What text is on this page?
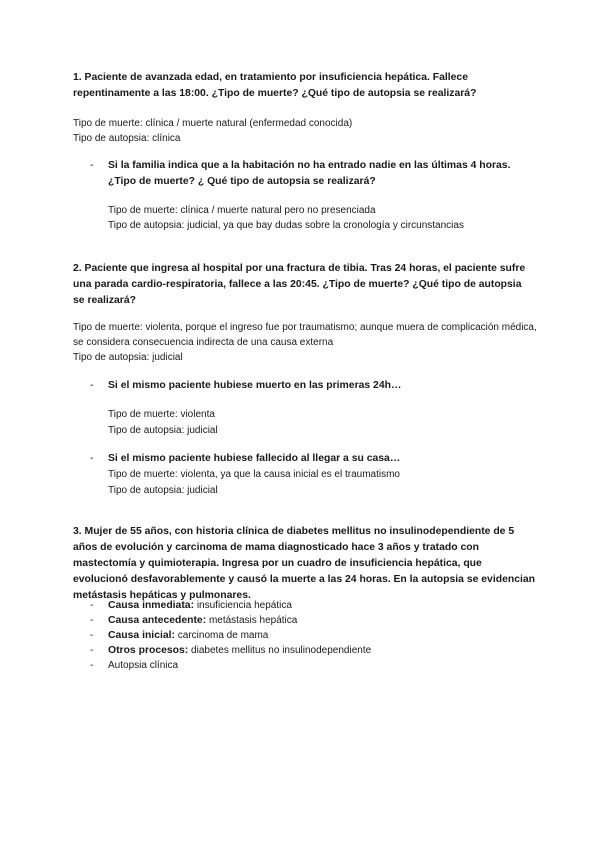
1. Paciente de avanzada edad, en tratamiento por insuficiencia hepática. Fallece repentinamente a las 18:00. ¿Tipo de muerte? ¿Qué tipo de autopsia se realizará?

Tipo de muerte: clínica / muerte natural (enfermedad conocida)

Tipo de autopsia: clínica

- Si la familia indica que a la habitación no ha entrado nadie en las últimas 4 horas. ¿Tipo de muerte? ¿ Qué tipo de autopsia se realizará?

Tipo de muerte: clínica / muerte natural pero no presenciada

Tipo de autopsia: judicial, ya que bay dudas sobre la cronología y circunstancias

2. Paciente que ingresa al hospital por una fractura de tibia. Tras 24 horas, el paciente sufre una parada cardio-respiratoria, fallece a las 20:45. ¿Tipo de muerte? ¿Qué tipo de autopsia se realizará?

Tipo de muerte: violenta, porque el ingreso fue por traumatismo; aunque muera de complicación médica, se considera consecuencia indirecta de una causa externa

Tipo de autopsia: judicial

- Si el mismo paciente hubiese muerto en las primeras 24h…

Tipo de muerte: violenta

Tipo de autopsia: judicial

- Si el mismo paciente hubiese fallecido al llegar a su casa…

Tipo de muerte: violenta, ya que la causa inicial es el traumatismo

Tipo de autopsia: judicial

3. Mujer de 55 años, con historia clínica de diabetes mellitus no insulinodependiente de 5 años de evolución y carcinoma de mama diagnosticado hace 3 años y tratado con mastectomía y quimioterapia. Ingresa por un cuadro de insuficiencia hepática, que evolucionó desfavorablemente y causó la muerte a las 24 horas. En la autopsia se evidencian metástasis hepáticas y pulmonares.

- Causa inmediata: insuficiencia hepática
- Causa antecedente: metástasis hepática
- Causa inicial: carcinoma de mama
- Otros procesos: diabetes mellitus no insulinodependiente
- Autopsia clínica
